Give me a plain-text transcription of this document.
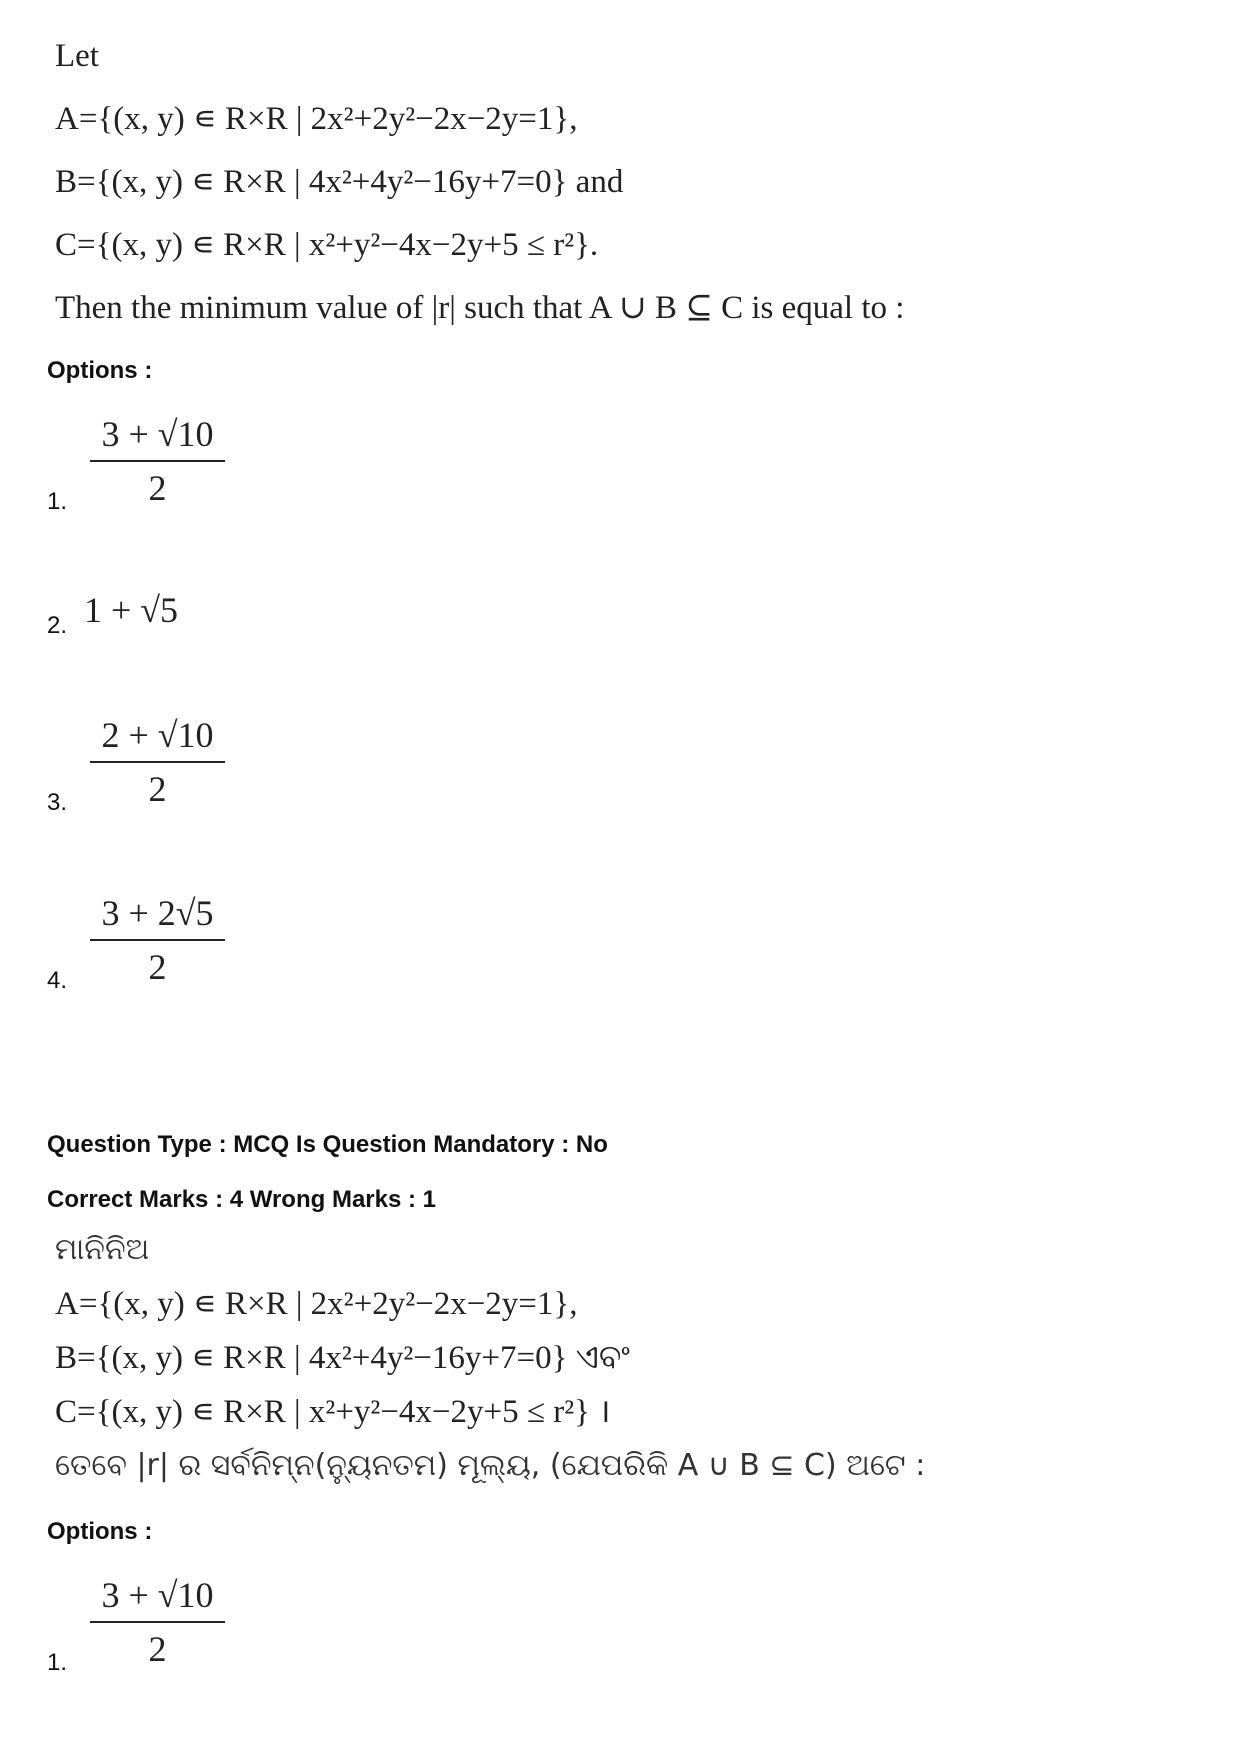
Let
A={(x, y) ∊ R×R | 2x²+2y²−2x−2y=1},
B={(x, y) ∊ R×R | 4x²+4y²−16y+7=0} and
C={(x, y) ∊ R×R | x²+y²−4x−2y+5 ≤ r²}.
Then the minimum value of |r| such that A ∪ B ⊆ C is equal to :
Options :
$\frac{3 + √10}{2}$
1.
1 + √5
2.
$\frac{2 + √10}{2}$
3.
$\frac{3 + 2√5}{2}$
4.
Question Type : MCQ Is Question Mandatory : No
Correct Marks : 4 Wrong Marks : 1
ମାନିନିଅ
A={(x, y) ∊ R×R | 2x²+2y²−2x−2y=1},
B={(x, y) ∊ R×R | 4x²+4y²−16y+7=0} ଏବଂ
C={(x, y) ∊ R×R | x²+y²−4x−2y+5 ≤ r²} ।
ତେବେ |r| ର ସର୍ବନିମ୍ନ(ନ୍ୟୁନତମ) ମୂଲ୍ୟ, (ଯେପରିକି A ∪ B ⊆ C) ଅଟେ :
Options :
$\frac{3 + √10}{2}$
1.
